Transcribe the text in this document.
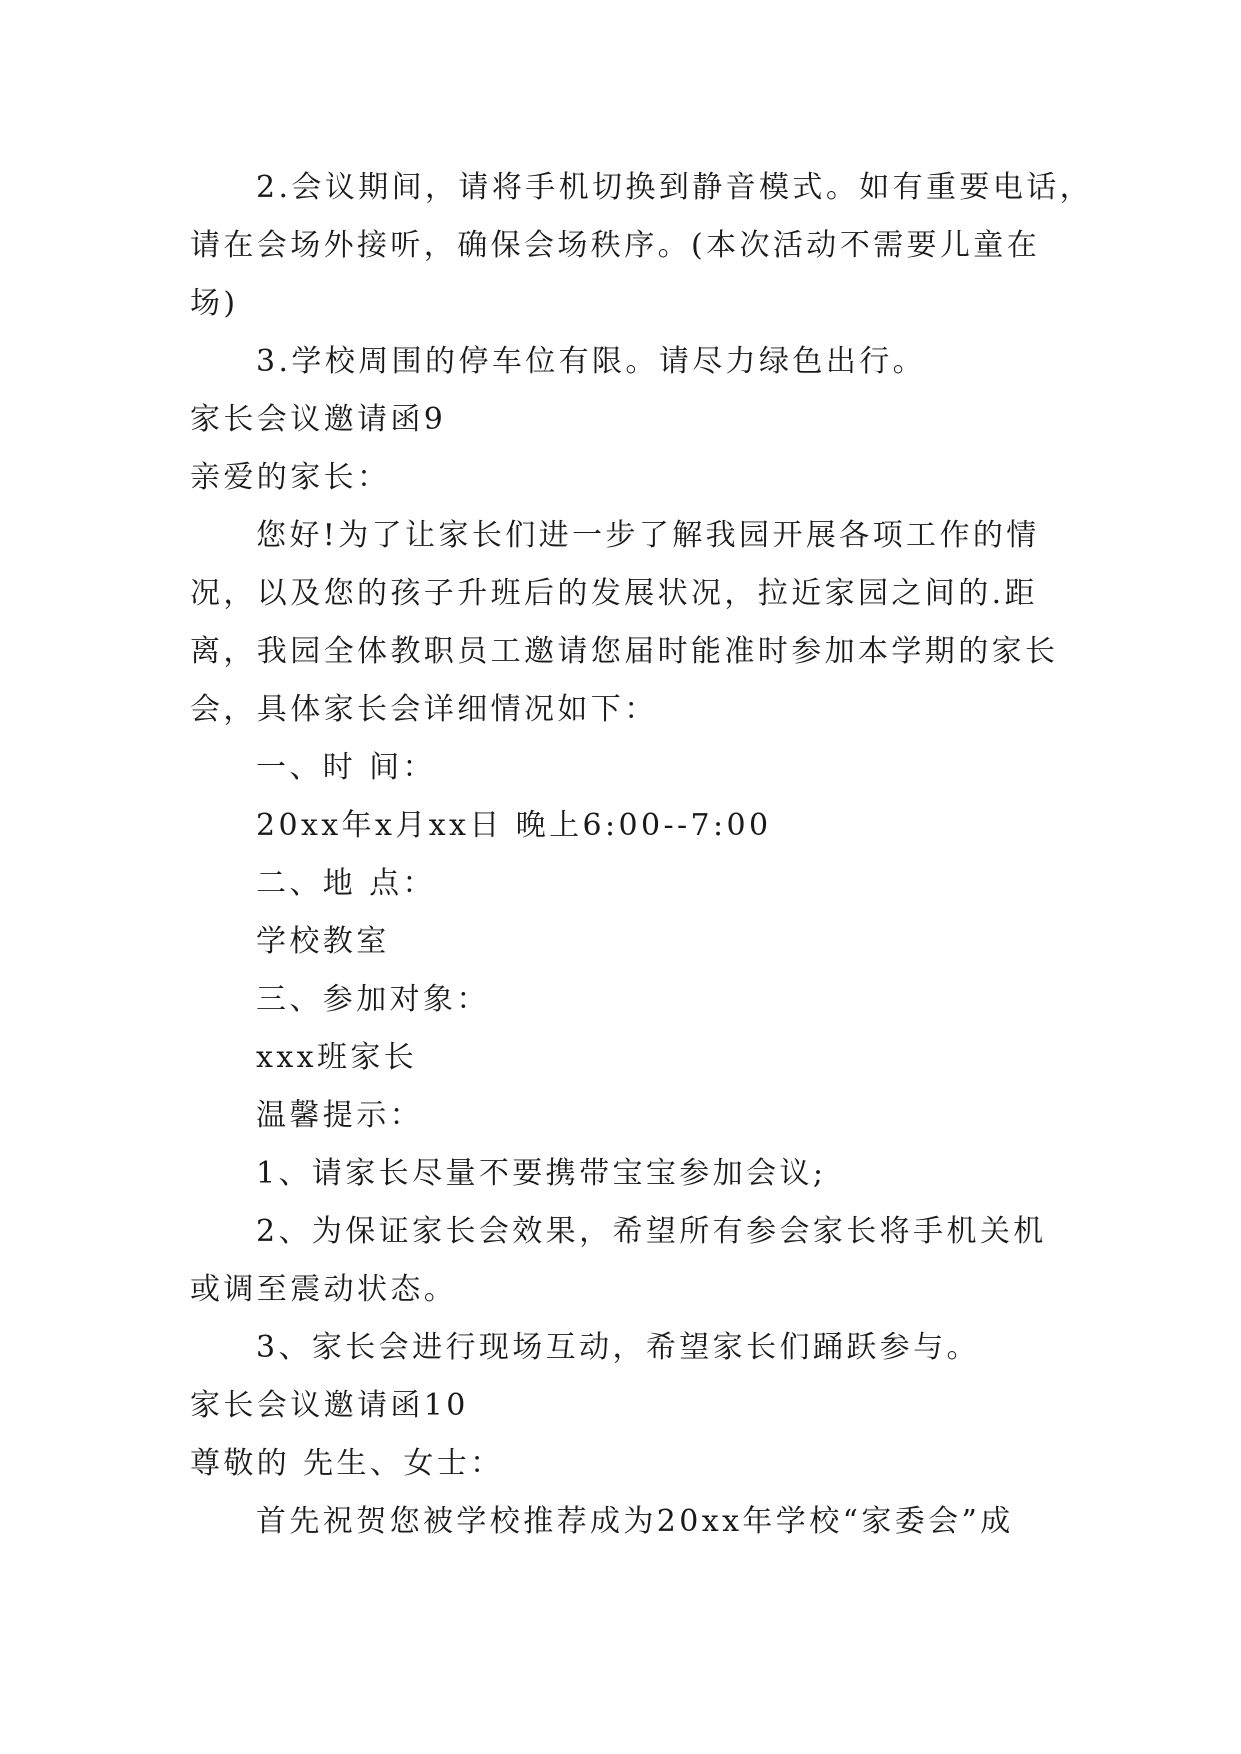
2.会议期间，请将手机切换到静音模式。如有重要电话，
请在会场外接听，确保会场秩序。(本次活动不需要儿童在
场)
3.学校周围的停车位有限。请尽力绿色出行。
家长会议邀请函9
亲爱的家长：
您好!为了让家长们进一步了解我园开展各项工作的情
况，以及您的孩子升班后的发展状况，拉近家园之间的.距
离，我园全体教职员工邀请您届时能准时参加本学期的家长
会，具体家长会详细情况如下：
一、时 间：
20xx年x月xx日 晚上6:00--7:00
二、地 点：
学校教室
三、参加对象：
xxx班家长
温馨提示：
1、请家长尽量不要携带宝宝参加会议;
2、为保证家长会效果，希望所有参会家长将手机关机
或调至震动状态。
3、家长会进行现场互动，希望家长们踊跃参与。
家长会议邀请函10
尊敬的 先生、女士：
首先祝贺您被学校推荐成为20xx年学校“家委会”成
